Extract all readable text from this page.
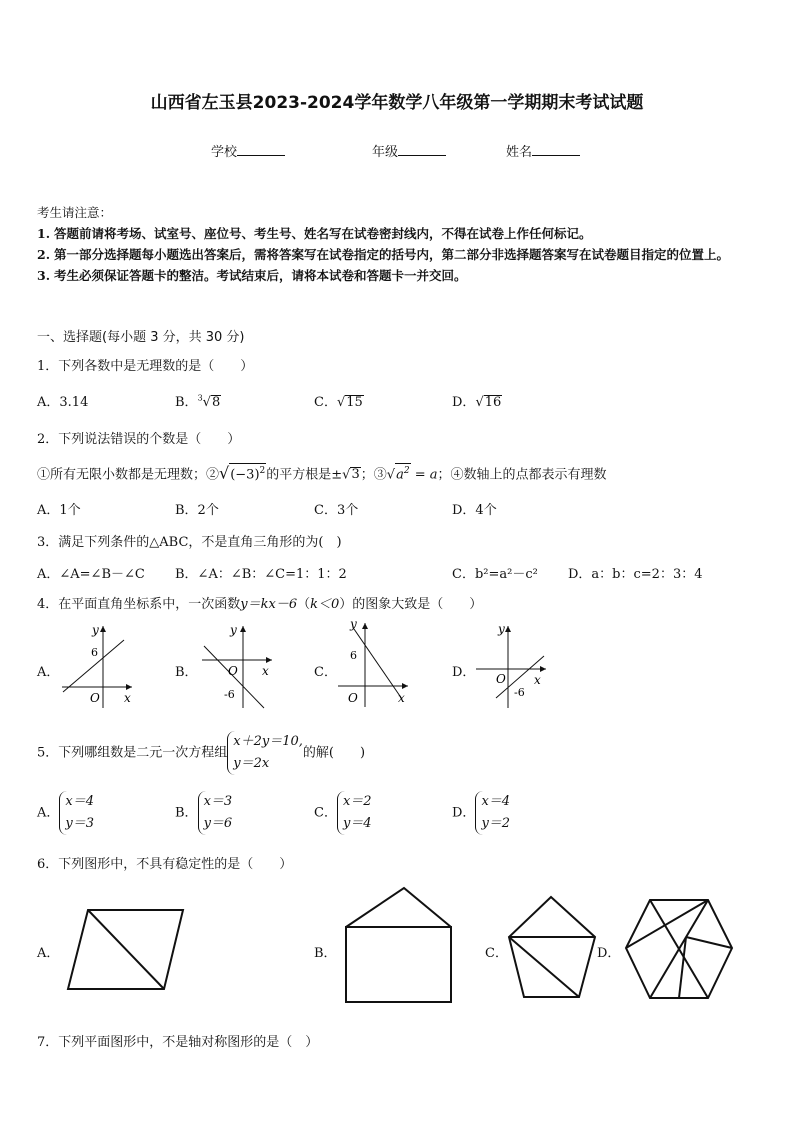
山西省左玉县2023-2024学年数学八年级第一学期期末考试试题
学校	年级	姓名
考生请注意：
1. 答题前请将考场、试室号、座位号、考生号、姓名写在试卷密封线内，不得在试卷上作任何标记。
2. 第一部分选择题每小题选出答案后，需将答案写在试卷指定的括号内，第二部分非选择题答案写在试卷题目指定的位置上。
3. 考生必须保证答题卡的整洁。考试结束后，请将本试卷和答题卡一并交回。
一、选择题(每小题 3 分，共 30 分)
1．下列各数中是无理数的是（　　）
A．3.14	B．$^3$√8	C．√15	D．√16
2．下列说法错误的个数是（　　）
①所有无限小数都是无理数；$②√(-3)^2$的平方根是±√3；$③√a^2 = a$；④数轴上的点都表示有理数
A．1个	B．2个	C．3个	D．4个
3．满足下列条件的△ABC，不是直角三角形的为(　)
A．∠A=∠B－∠C B．∠A：∠B：∠C=1：1：2	C．b²=a²－c² D．a：b：c=2：3：4
4．在平面直角坐标系中，一次函数y＝kx－6（k＜0）的图象大致是（　　）
A．
y
6
O x
B．
y
O x
-6
C．
y
6
O	x
D．
y
O x
-6
5．下列哪组数是二元一次方程组x＋2y＝10,
y＝2x的解(　　)
A．x＝4
y＝3
B．x＝3
y＝6
C．x＝2
y＝4
D．x＝4
y＝2
6．下列图形中，不具有稳定性的是（　　）
A．	B．	C．	D．
7．下列平面图形中，不是轴对称图形的是（　）
